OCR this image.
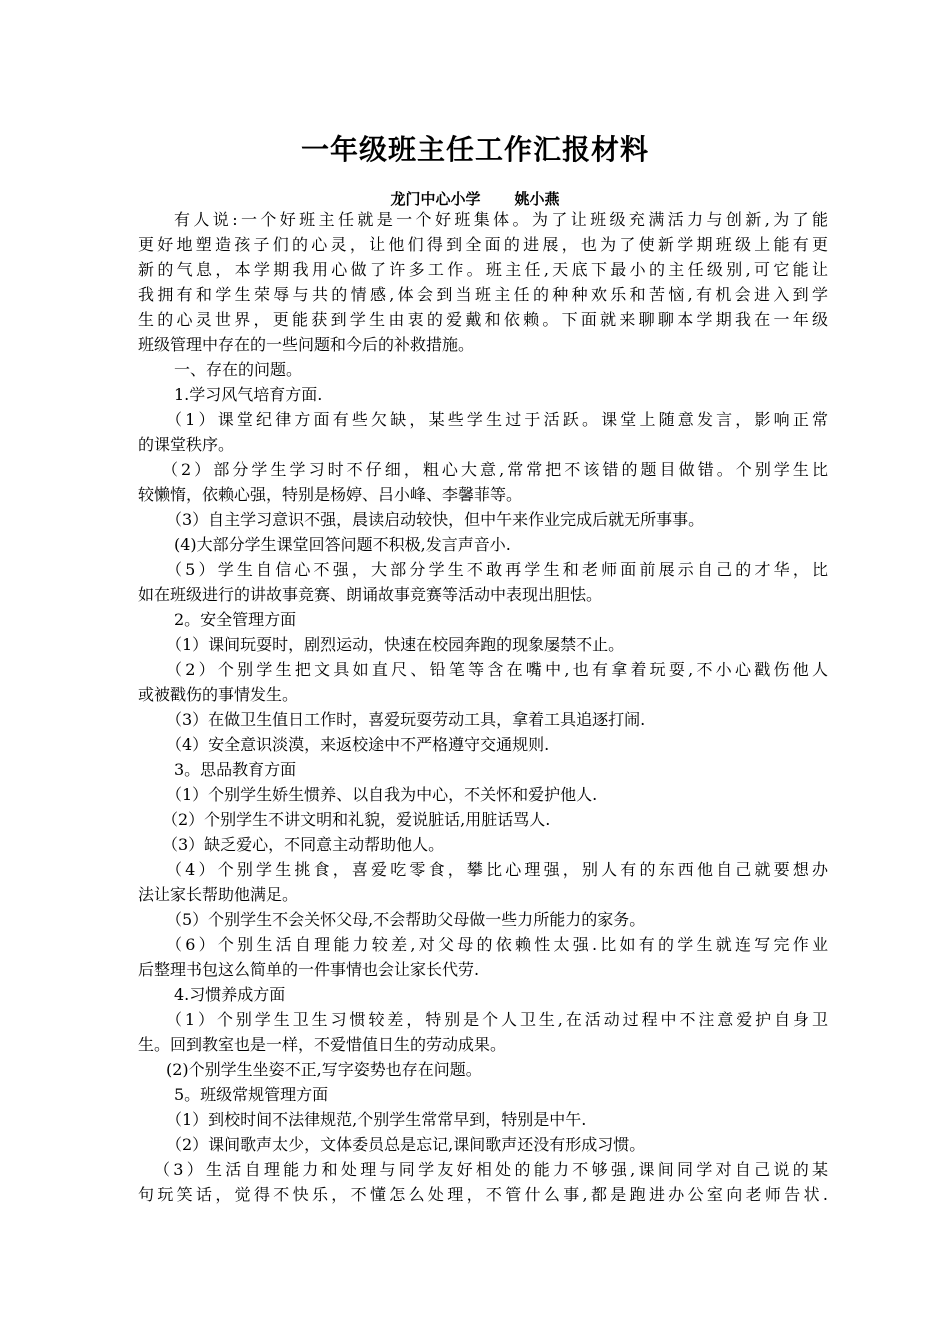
一年级班主任工作汇报材料
龙门中心小学 姚小燕
有人说:一个好班主任就是一个好班集体。为了让班级充满活力与创新,为了能
更好地塑造孩子们的心灵，让他们得到全面的进展，也为了使新学期班级上能有更
新的气息，本学期我用心做了许多工作。班主任,天底下最小的主任级别,可它能让
我拥有和学生荣辱与共的情感,体会到当班主任的种种欢乐和苦恼,有机会进入到学
生的心灵世界，更能获到学生由衷的爱戴和依赖。下面就来聊聊本学期我在一年级
班级管理中存在的一些问题和今后的补救措施。
一、存在的问题。
1.学习风气培育方面.
（1）课堂纪律方面有些欠缺，某些学生过于活跃。课堂上随意发言，影响正常
的课堂秩序。
（2）部分学生学习时不仔细，粗心大意,常常把不该错的题目做错。个别学生比
较懒惰，依赖心强，特别是杨婷、吕小峰、李馨菲等。
（3）自主学习意识不强，晨读启动较快，但中午来作业完成后就无所事事。
(4)大部分学生课堂回答问题不积极,发言声音小.
（5）学生自信心不强，大部分学生不敢再学生和老师面前展示自己的才华，比
如在班级进行的讲故事竞赛、朗诵故事竞赛等活动中表现出胆怯。
2。安全管理方面
（1）课间玩耍时，剧烈运动，快速在校园奔跑的现象屡禁不止。
（2）个别学生把文具如直尺、铅笔等含在嘴中,也有拿着玩耍,不小心戳伤他人
或被戳伤的事情发生。
（3）在做卫生值日工作时，喜爱玩耍劳动工具，拿着工具追逐打闹.
（4）安全意识淡漠，来返校途中不严格遵守交通规则.
3。思品教育方面
（1）个别学生娇生惯养、以自我为中心，不关怀和爱护他人.
（2）个别学生不讲文明和礼貌，爱说脏话,用脏话骂人.
（3）缺乏爱心，不同意主动帮助他人。
（4）个别学生挑食，喜爱吃零食，攀比心理强，别人有的东西他自己就要想办
法让家长帮助他满足。
（5）个别学生不会关怀父母,不会帮助父母做一些力所能力的家务。
（6）个别生活自理能力较差,对父母的依赖性太强.比如有的学生就连写完作业
后整理书包这么简单的一件事情也会让家长代劳.
4.习惯养成方面
（1）个别学生卫生习惯较差，特别是个人卫生,在活动过程中不注意爱护自身卫
生。回到教室也是一样，不爱惜值日生的劳动成果。
(2)个别学生坐姿不正,写字姿势也存在问题。
5。班级常规管理方面
（1）到校时间不法律规范,个别学生常常早到，特别是中午.
（2）课间歌声太少，文体委员总是忘记,课间歌声还没有形成习惯。
（3）生活自理能力和处理与同学友好相处的能力不够强,课间同学对自己说的某
句玩笑话，觉得不快乐，不懂怎么处理，不管什么事,都是跑进办公室向老师告状.
